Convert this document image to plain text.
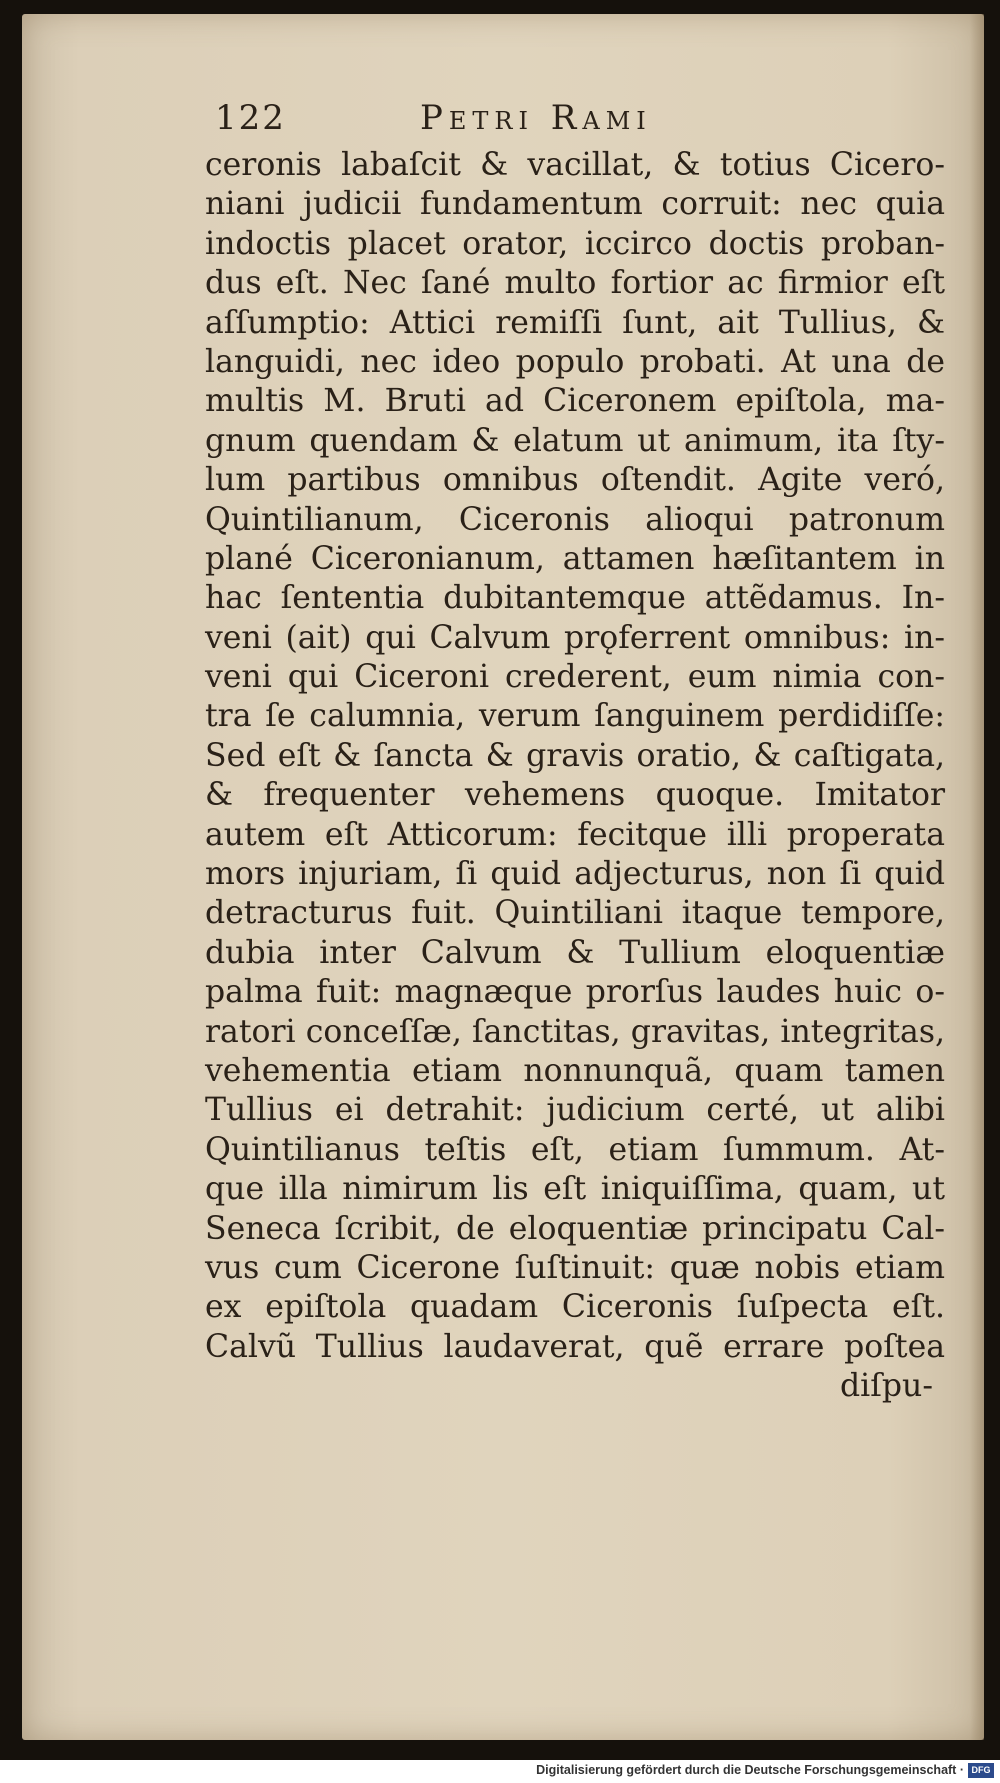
122	Petri Rami
ceronis labaſcit & vacillat, & totius Cicero-
niani judicii fundamentum corruit: nec quia
indoctis placet orator, iccirco doctis proban-
dus eſt. Nec ſané multo fortior ac firmior eſt
aſſumptio: Attici remiſſi ſunt, ait Tullius, &
languidi, nec ideo populo probati. At una de
multis M. Bruti ad Ciceronem epiſtola, ma-
gnum quendam & elatum ut animum, ita ſty-
lum partibus omnibus oſtendit. Agite veró,
Quintilianum, Ciceronis alioqui patronum
plané Ciceronianum, attamen hæſitantem in
hac ſententia dubitantemque attẽdamus. In-
veni (ait) qui Calvum prǫferrent omnibus: in-
veni qui Ciceroni crederent, eum nimia con-
tra ſe calumnia, verum ſanguinem perdidiſſe:
Sed eſt & ſancta & gravis oratio, & caſtigata,
& frequenter vehemens quoque. Imitator
autem eſt Atticorum: fecitque illi properata
mors injuriam, ſi quid adjecturus, non ſi quid
detracturus fuit. Quintiliani itaque tempore,
dubia inter Calvum & Tullium eloquentiæ
palma fuit: magnæque prorſus laudes huic o-
ratori conceſſæ, ſanctitas, gravitas, integritas,
vehementia etiam nonnunquã, quam tamen
Tullius ei detrahit: judicium certé, ut alibi
Quintilianus teſtis eſt, etiam ſummum. At-
que illa nimirum lis eſt iniquiſſima, quam, ut
Seneca ſcribit, de eloquentiæ principatu Cal-
vus cum Cicerone ſuſtinuit: quæ nobis etiam
ex epiſtola quadam Ciceronis ſuſpecta eſt.
Calvũ Tullius laudaverat, quẽ errare poſtea
diſpu-
Digitalisierung gefördert durch die Deutsche Forschungsgemeinschaft · DFG
